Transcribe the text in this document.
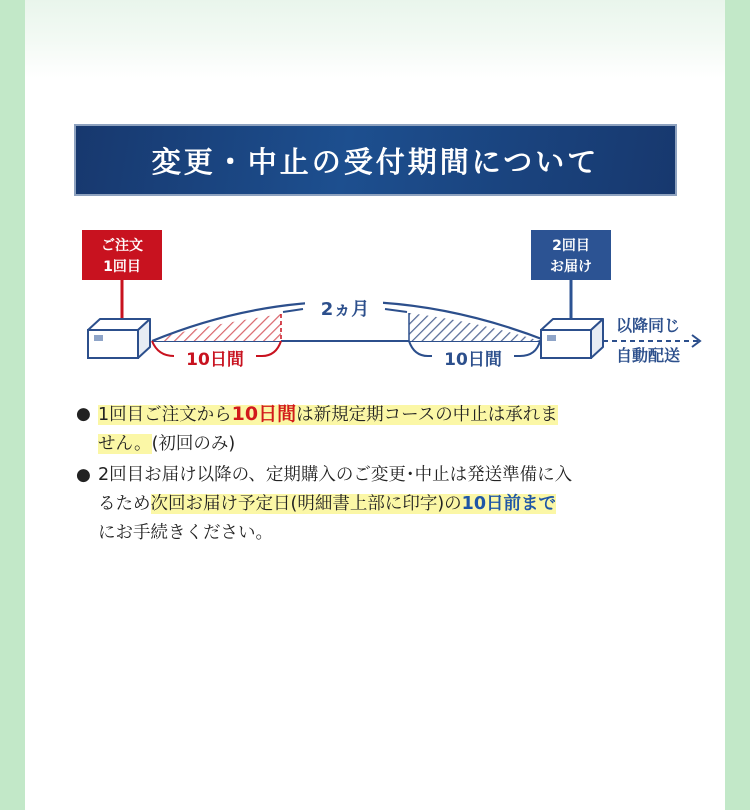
変更・中止の受付期間について
2ヵ月
10日間	10日間
ご注文
1回目
2回目
お届け
以降同じ
自動配送
● 1回目ご注文から10日間は新規定期コースの中止は承れま
せん。(初回のみ)
● 2回目お届け以降の、定期購入のご変更･中止は発送準備に入
るため次回お届け予定日(明細書上部に印字)の10日前まで
にお手続きください。
